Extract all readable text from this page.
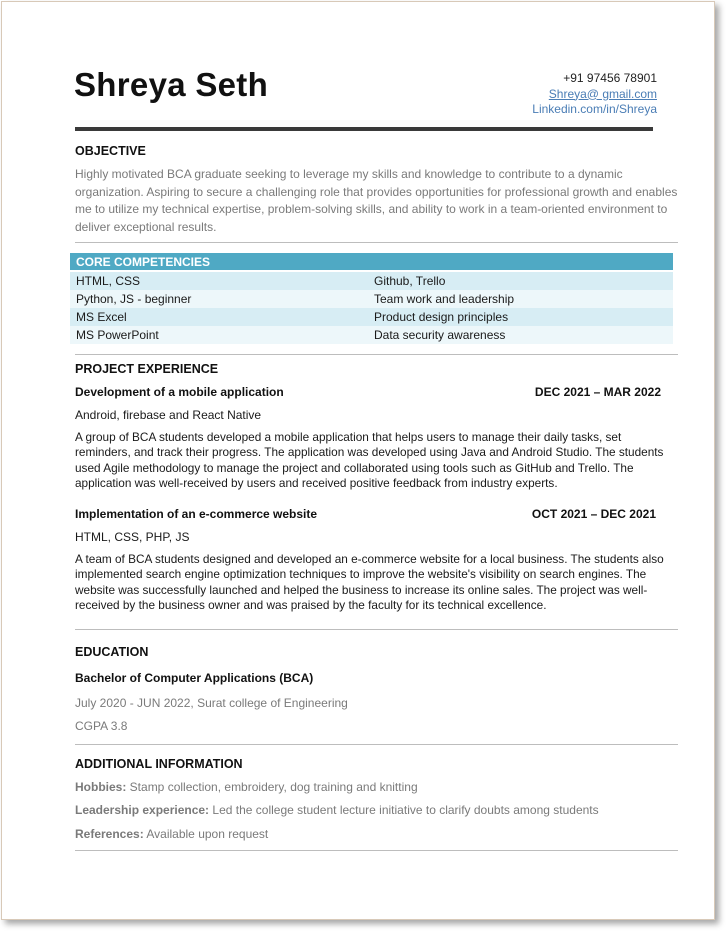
Shreya Seth	+91 97456 78901
Shreya@ gmail.com
Linkedin.com/in/Shreya
OBJECTIVE
Highly motivated BCA graduate seeking to leverage my skills and knowledge to contribute to a dynamic organization. Aspiring to secure a challenging role that provides opportunities for professional growth and enables me to utilize my technical expertise, problem-solving skills, and ability to work in a team-oriented environment to deliver exceptional results.
CORE COMPETENCIES	
HTML, CSS	Github, Trello
Python, JS - beginner	Team work and leadership
MS Excel	Product design principles
MS PowerPoint	Data security awareness
PROJECT EXPERIENCE
Development of a mobile application	DEC 2021 – MAR 2022
Android, firebase and React Native
A group of BCA students developed a mobile application that helps users to manage their daily tasks, set reminders, and track their progress. The application was developed using Java and Android Studio. The students used Agile methodology to manage the project and collaborated using tools such as GitHub and Trello. The application was well-received by users and received positive feedback from industry experts.
Implementation of an e-commerce website	OCT 2021 – DEC 2021
HTML, CSS, PHP, JS
A team of BCA students designed and developed an e-commerce website for a local business. The students also implemented search engine optimization techniques to improve the website's visibility on search engines. The website was successfully launched and helped the business to increase its online sales. The project was well-received by the business owner and was praised by the faculty for its technical excellence.
EDUCATION
Bachelor of Computer Applications (BCA)
July 2020 - JUN 2022, Surat college of Engineering
CGPA 3.8
ADDITIONAL INFORMATION
Hobbies: Stamp collection, embroidery, dog training and knitting
Leadership experience: Led the college student lecture initiative to clarify doubts among students
References: Available upon request
